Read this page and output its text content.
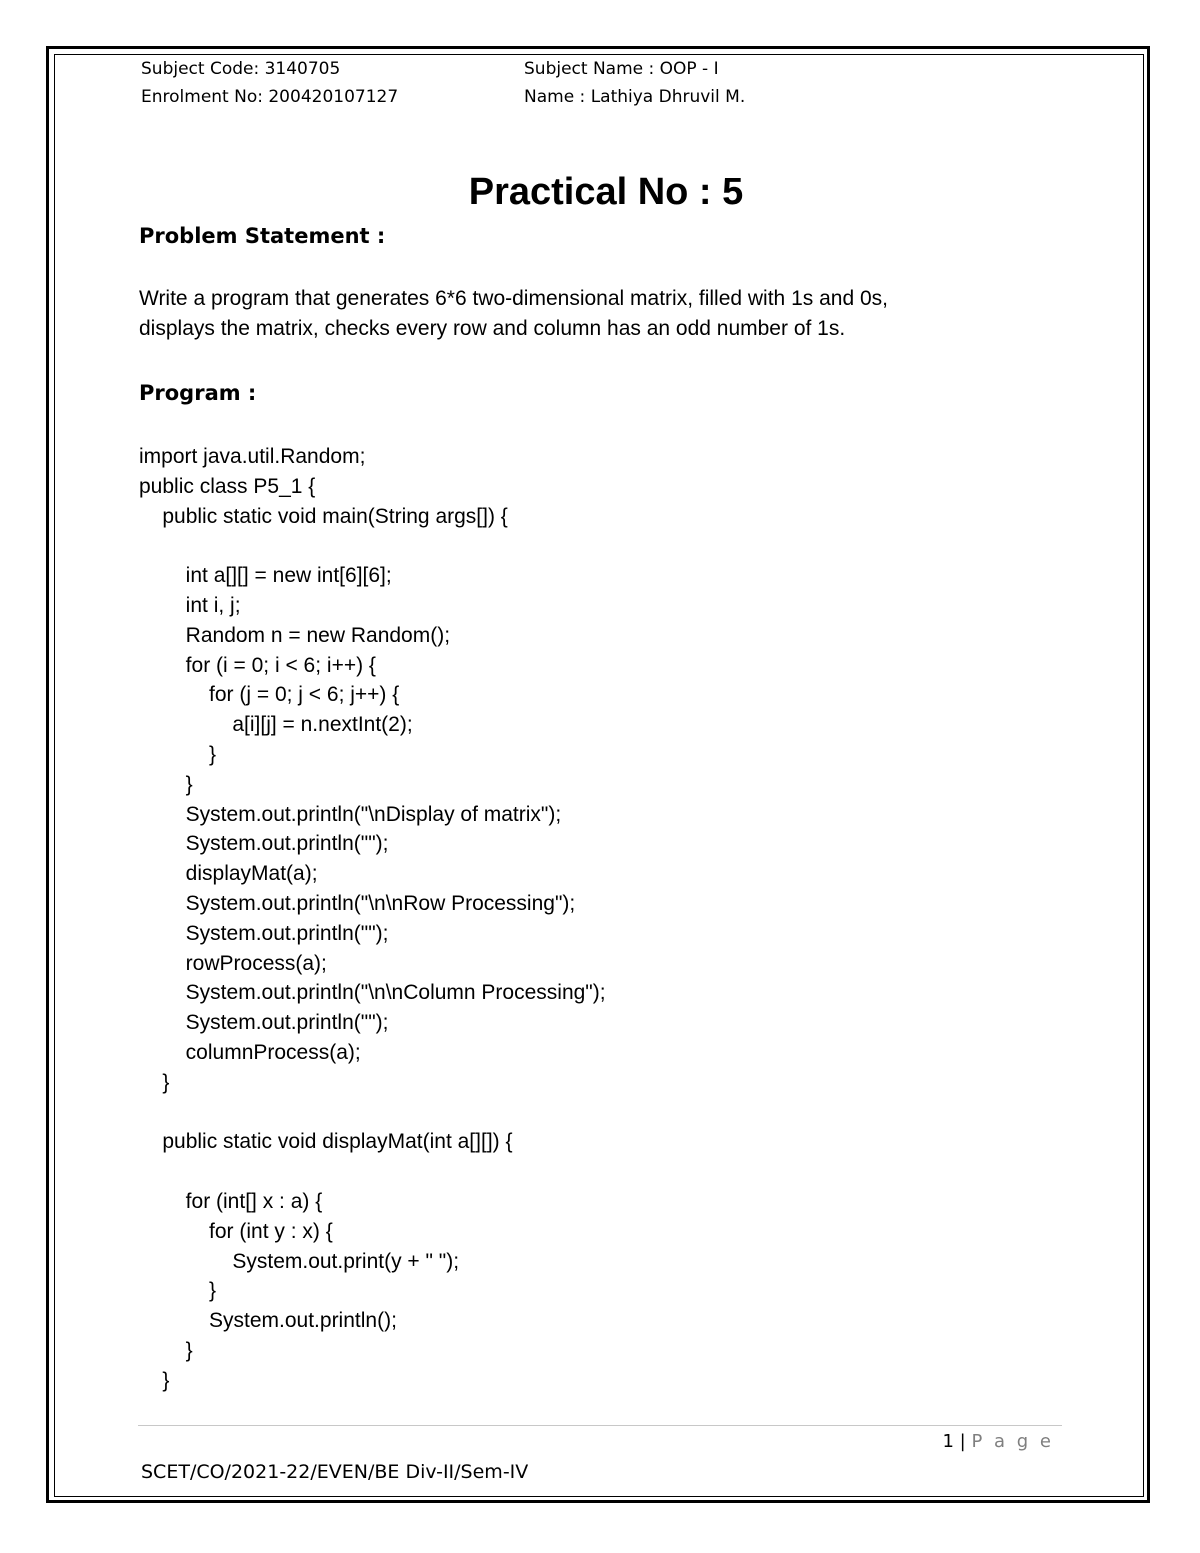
Subject Code: 3140705	Subject Name : OOP - I
Enrolment No: 200420107127	Name : Lathiya Dhruvil M.
Practical No : 5
Problem Statement :

Write a program that generates 6*6 two-dimensional matrix, filled with 1s and 0s,

displays the matrix, checks every row and column has an odd number of 1s.

Program :
import java.util.Random;
public class P5_1 {
public static void main(String args[]) {
int a[][] = new int[6][6];
int i, j;
Random n = new Random();
for (i = 0; i < 6; i++) {
for (j = 0; j < 6; j++) {
a[i][j] = n.nextInt(2);
}
}
System.out.println("\nDisplay of matrix");
System.out.println("");
displayMat(a);
System.out.println("\n\nRow Processing");
System.out.println("");
rowProcess(a);
System.out.println("\n\nColumn Processing");
System.out.println("");
columnProcess(a);
}
public static void displayMat(int a[][]) {
for (int[] x : a) {
for (int y : x) {
System.out.print(y + " ");
}
System.out.println();
}
}
1 | P a g e
SCET/CO/2021-22/EVEN/BE Div-II/Sem-IV
